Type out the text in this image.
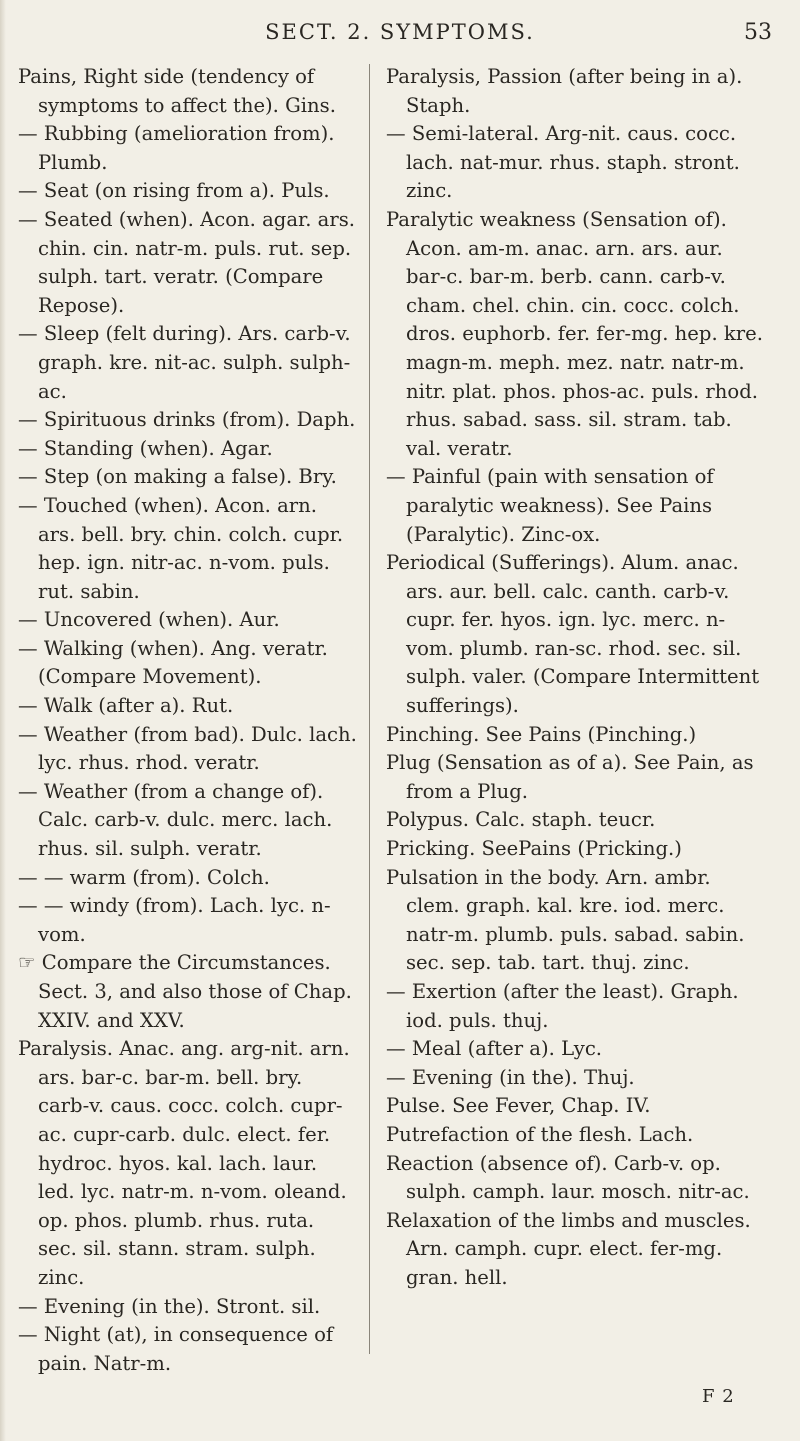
SECT. 2. SYMPTOMS.	53
Pains, Right side (tendency of symptoms to affect the). Gins.
— Rubbing (amelioration from). Plumb.
— Seat (on rising from a). Puls.
— Seated (when). Acon. agar. ars. chin. cin. natr-m. puls. rut. sep. sulph. tart. veratr. (Compare Repose).
— Sleep (felt during). Ars. carb-v. graph. kre. nit-ac. sulph. sulph-ac.
— Spirituous drinks (from). Daph.
— Standing (when). Agar.
— Step (on making a false). Bry.
— Touched (when). Acon. arn. ars. bell. bry. chin. colch. cupr. hep. ign. nitr-ac. n-vom. puls. rut. sabin.
— Uncovered (when). Aur.
— Walking (when). Ang. veratr. (Compare Movement).
— Walk (after a). Rut.
— Weather (from bad). Dulc. lach. lyc. rhus. rhod. veratr.
— Weather (from a change of). Calc. carb-v. dulc. merc. lach. rhus. sil. sulph. veratr.
— — warm (from). Colch.
— — windy (from). Lach. lyc. n-vom.
☞ Compare the Circumstances. Sect. 3, and also those of Chap. XXIV. and XXV.
Paralysis. Anac. ang. arg-nit. arn. ars. bar-c. bar-m. bell. bry. carb-v. caus. cocc. colch. cupr-ac. cupr-carb. dulc. elect. fer. hydroc. hyos. kal. lach. laur. led. lyc. natr-m. n-vom. oleand. op. phos. plumb. rhus. ruta. sec. sil. stann. stram. sulph. zinc.
— Evening (in the). Stront. sil.
— Night (at), in consequence of pain. Natr-m.
Paralysis, Passion (after being in a). Staph.
— Semi-lateral. Arg-nit. caus. cocc. lach. nat-mur. rhus. staph. stront. zinc.
Paralytic weakness (Sensation of). Acon. am-m. anac. arn. ars. aur. bar-c. bar-m. berb. cann. carb-v. cham. chel. chin. cin. cocc. colch. dros. euphorb. fer. fer-mg. hep. kre. magn-m. meph. mez. natr. natr-m. nitr. plat. phos. phos-ac. puls. rhod. rhus. sabad. sass. sil. stram. tab. val. veratr.
— Painful (pain with sensation of paralytic weakness). See Pains (Paralytic). Zinc-ox.
Periodical (Sufferings). Alum. anac. ars. aur. bell. calc. canth. carb-v. cupr. fer. hyos. ign. lyc. merc. n-vom. plumb. ran-sc. rhod. sec. sil. sulph. valer. (Compare Intermittent sufferings).
Pinching. See Pains (Pinching.)
Plug (Sensation as of a). See Pain, as from a Plug.
Polypus. Calc. staph. teucr.
Pricking. SeePains (Pricking.)
Pulsation in the body. Arn. ambr. clem. graph. kal. kre. iod. merc. natr-m. plumb. puls. sabad. sabin. sec. sep. tab. tart. thuj. zinc.
— Exertion (after the least). Graph. iod. puls. thuj.
— Meal (after a). Lyc.
— Evening (in the). Thuj.
Pulse. See Fever, Chap. IV.
Putrefaction of the flesh. Lach.
Reaction (absence of). Carb-v. op. sulph. camph. laur. mosch. nitr-ac.
Relaxation of the limbs and muscles. Arn. camph. cupr. elect. fer-mg. gran. hell.
F 2
